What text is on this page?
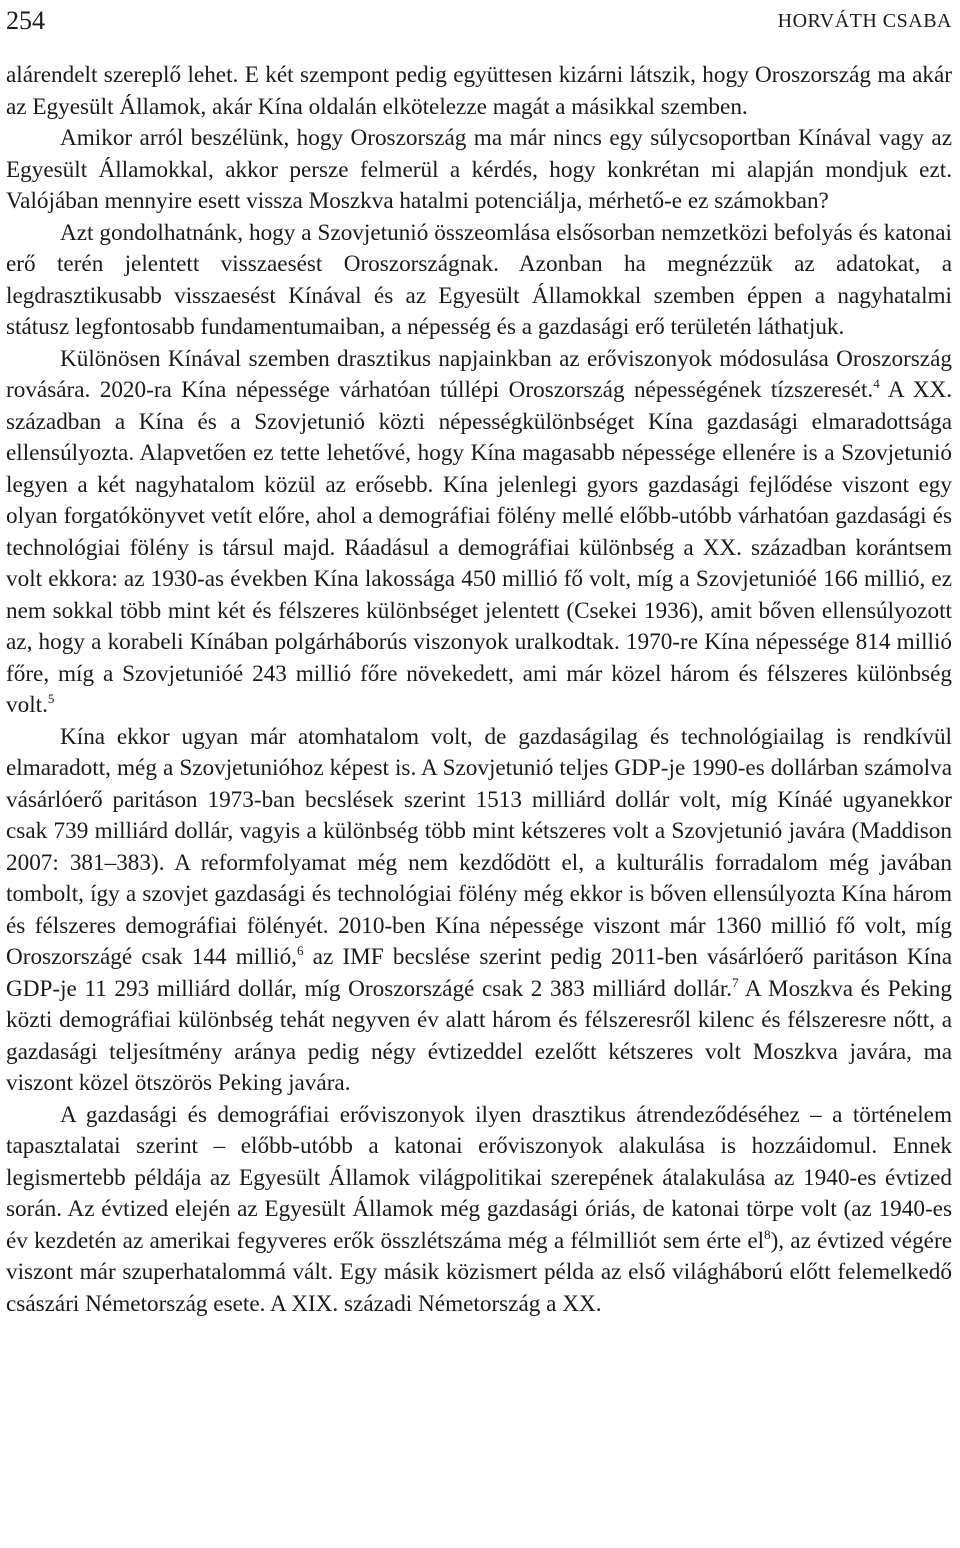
254	HORVÁTH CSABA

alárendelt szereplő lehet. E két szempont pedig együttesen kizárni látszik, hogy Oroszország ma akár az Egyesült Államok, akár Kína oldalán elkötelezze magát a másikkal szemben.

Amikor arról beszélünk, hogy Oroszország ma már nincs egy súlycsoportban Kínával vagy az Egyesült Államokkal, akkor persze felmerül a kérdés, hogy konkrétan mi alapján mondjuk ezt. Valójában mennyire esett vissza Moszkva hatalmi potenciálja, mérhető-e ez számokban?

Azt gondolhatnánk, hogy a Szovjetunió összeomlása elsősorban nemzetközi befolyás és katonai erő terén jelentett visszaesést Oroszországnak. Azonban ha megnézzük az adatokat, a legdrasztikusabb visszaesést Kínával és az Egyesült Államokkal szemben éppen a nagyhatalmi státusz legfontosabb fundamentumaiban, a népesség és a gazdasági erő területén láthatjuk.

Különösen Kínával szemben drasztikus napjainkban az erőviszonyok módosulása Oroszország rovására. 2020-ra Kína népessége várhatóan túllépi Oroszország népességének tízszeresét.$^4$ A XX. században a Kína és a Szovjetunió közti népességkülönbséget Kína gazdasági elmaradottsága ellensúlyozta. Alapvetően ez tette lehetővé, hogy Kína magasabb népessége ellenére is a Szovjetunió legyen a két nagyhatalom közül az erősebb. Kína jelenlegi gyors gazdasági fejlődése viszont egy olyan forgatókönyvet vetít előre, ahol a demográfiai fölény mellé előbb-utóbb várhatóan gazdasági és technológiai fölény is társul majd. Ráadásul a demográfiai különbség a XX. században korántsem volt ekkora: az 1930-as években Kína lakossága 450 millió fő volt, míg a Szovjetunióé 166 millió, ez nem sokkal több mint két és félszeres különbséget jelentett (Csekei 1936), amit bőven ellensúlyozott az, hogy a korabeli Kínában polgárháborús viszonyok uralkodtak. 1970-re Kína népessége 814 millió főre, míg a Szovjetunióé 243 millió főre növekedett, ami már közel három és félszeres különbség volt.$^5$

Kína ekkor ugyan már atomhatalom volt, de gazdaságilag és technológiailag is rendkívül elmaradott, még a Szovjetunióhoz képest is. A Szovjetunió teljes GDP-je 1990-es dollárban számolva vásárlóerő paritáson 1973-ban becslések szerint 1513 milliárd dollár volt, míg Kínáé ugyanekkor csak 739 milliárd dollár, vagyis a különbség több mint kétszeres volt a Szovjetunió javára (Maddison 2007: 381–383). A reformfolyamat még nem kezdődött el, a kulturális forradalom még javában tombolt, így a szovjet gazdasági és technológiai fölény még ekkor is bőven ellensúlyozta Kína három és félszeres demográfiai fölényét. 2010-ben Kína népessége viszont már 1360 millió fő volt, míg Oroszországé csak 144 millió,$^6$ az IMF becslése szerint pedig 2011-ben vásárlóerő paritáson Kína GDP-je 11 293 milliárd dollár, míg Oroszországé csak 2 383 milliárd dollár.$^7$ A Moszkva és Peking közti demográfiai különbség tehát negyven év alatt három és félszeresről kilenc és félszeresre nőtt, a gazdasági teljesítmény aránya pedig négy évtizeddel ezelőtt kétszeres volt Moszkva javára, ma viszont közel ötszörös Peking javára.

A gazdasági és demográfiai erőviszonyok ilyen drasztikus átrendeződéséhez – a történelem tapasztalatai szerint – előbb-utóbb a katonai erőviszonyok alakulása is hozzáidomul. Ennek legismertebb példája az Egyesült Államok világpolitikai szerepének átalakulása az 1940-es évtized során. Az évtized elején az Egyesült Államok még gazdasági óriás, de katonai törpe volt (az 1940-es év kezdetén az amerikai fegyveres erők összlétszáma még a félmilliót sem érte $el^8$), az évtized végére viszont már szuperhatalommá vált. Egy másik közismert példa az első világháború előtt felemelkedő császári Németország esete. A XIX. századi Németország a XX.
